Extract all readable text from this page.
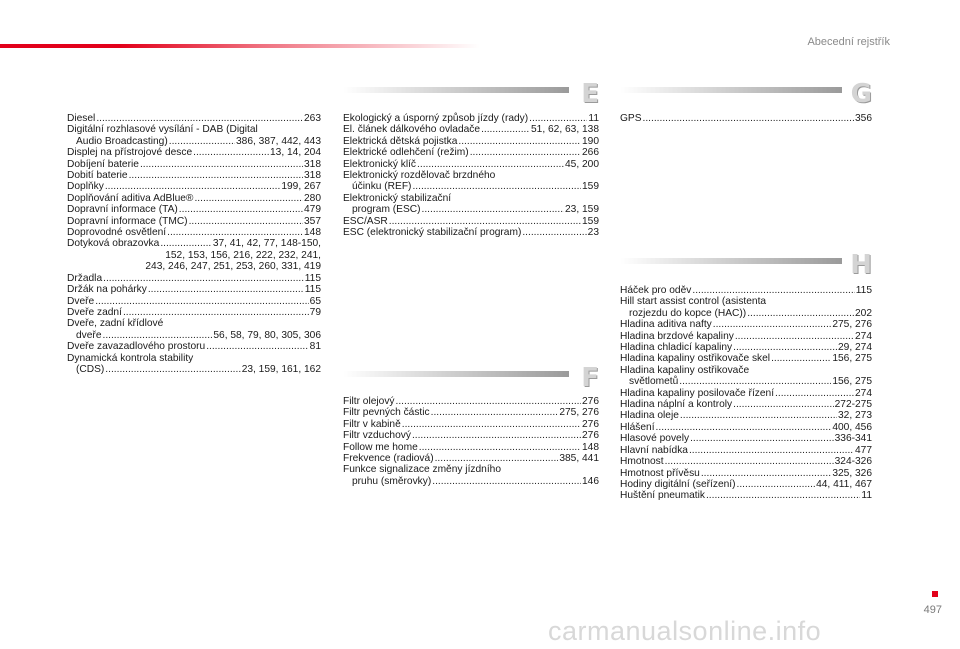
Abecední rejstřík
Diesel .....	263
Digitální rozhlasové vysílání - DAB (Digital
Audio Broadcasting) .....	386, 387, 442, 443
Displej na přístrojové desce .....	13, 14, 204
Dobíjení baterie .....	318
Dobití baterie .....	318
Doplňky .....	199, 267
Doplňování aditiva AdBlue® .....	280
Dopravní informace (TA) .....	479
Dopravní informace (TMC) .....	357
Doprovodné osvětlení .....	148
Dotyková obrazovka .....	37, 41, 42, 77, 148-150,
152, 153, 156, 216, 222, 232, 241,
243, 246, 247, 251, 253, 260, 331, 419
Držadla .....	115
Držák na pohárky .....	115
Dveře .....	65
Dveře zadní .....	79
Dveře, zadní křídlové
dveře .....	56, 58, 79, 80, 305, 306
Dveře zavazadlového prostoru .....	81
Dynamická kontrola stability
(CDS) .....	23, 159, 161, 162
E
Ekologický a úsporný způsob jízdy (rady) .....	11
El. článek dálkového ovladače .....	51, 62, 63, 138
Elektrická dětská pojistka .....	190
Elektrické odlehčení (režim) .....	266
Elektronický klíč .....	45, 200
Elektronický rozdělovač brzdného
účinku (REF) .....	159
Elektronický stabilizační
program (ESC) .....	23, 159
ESC/ASR .....	159
ESC (elektronický stabilizační program) .....	23
F
Filtr olejový .....	276
Filtr pevných částic .....	275, 276
Filtr v kabině .....	276
Filtr vzduchový .....	276
Follow me home .....	148
Frekvence (radiová) .....	385, 441
Funkce signalizace změny jízdního
pruhu (směrovky) .....	146
G
GPS .....	356
H
Háček pro oděv .....	115
Hill start assist control (asistenta
rozjezdu do kopce (HAC)) .....	202
Hladina aditiva nafty .....	275, 276
Hladina brzdové kapaliny .....	274
Hladina chladicí kapaliny .....	29, 274
Hladina kapaliny ostřikovače skel .....	156, 275
Hladina kapaliny ostřikovače
světlometů .....	156, 275
Hladina kapaliny posilovače řízení .....	274
Hladina náplní a kontroly .....	272-275
Hladina oleje .....	32, 273
Hlášení .....	400, 456
Hlasové povely .....	336-341
Hlavní nabídka .....	477
Hmotnost .....	324-326
Hmotnost přívěsu .....	325, 326
Hodiny digitální (seřízení) .....	44, 411, 467
Huštění pneumatik .....	11
497
carmanualsonline.info
